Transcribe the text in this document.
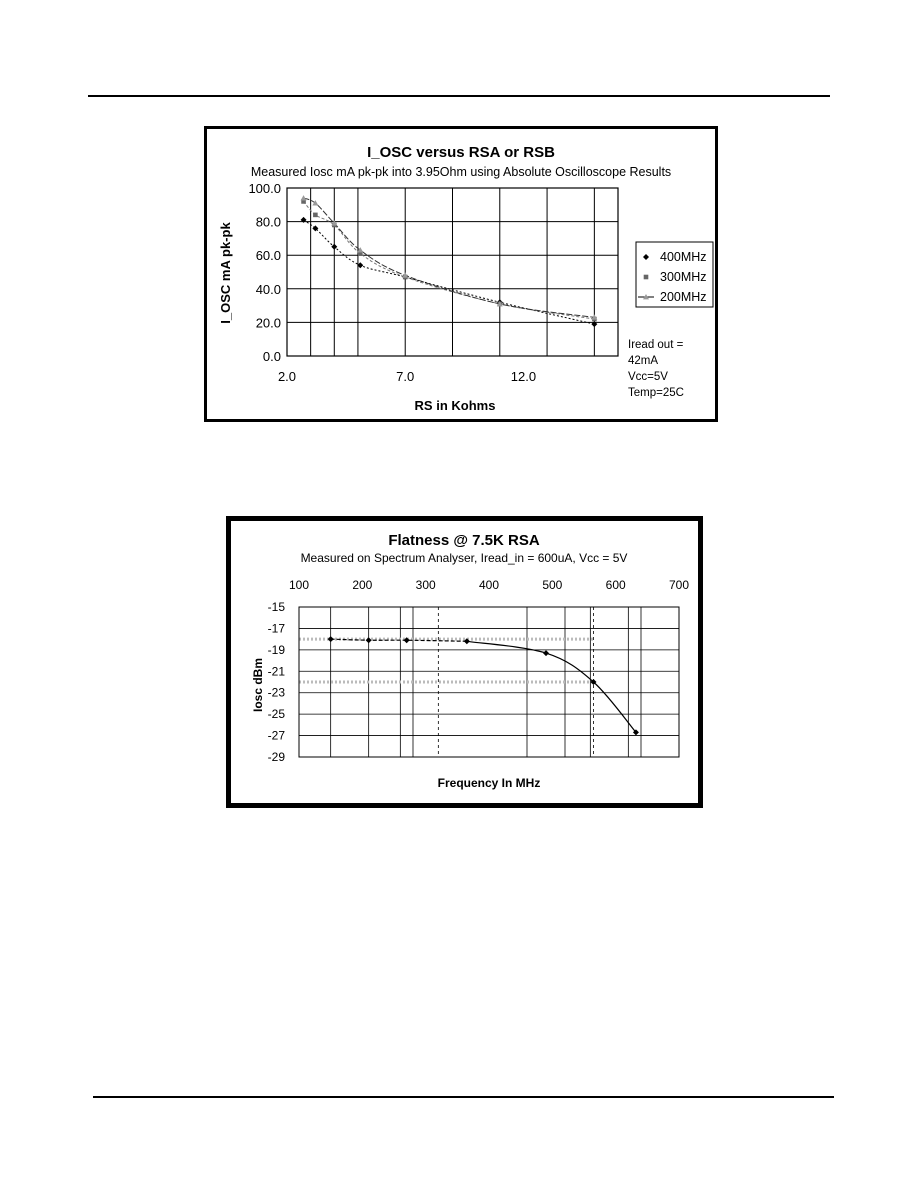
I_OSC versus RSA or RSB
Measured Iosc mA pk-pk into 3.95Ohm using Absolute Oscilloscope Results
0.0
20.0
40.0
60.0
80.0
100.0
2.0	7.0	12.0
RS in Kohms
I_OSC mA pk-pk	400MHz
300MHz
200MHz
Iread out =
42mA
Vcc=5V
Temp=25C
Flatness @ 7.5K RSA
Measured on Spectrum Analyser, Iread_in = 600uA, Vcc = 5V
100	200	300	400	500	600	700
-15
-17
-19
-21
-23
-25
-27
-29
Frequency In MHz
Iosc dBm
